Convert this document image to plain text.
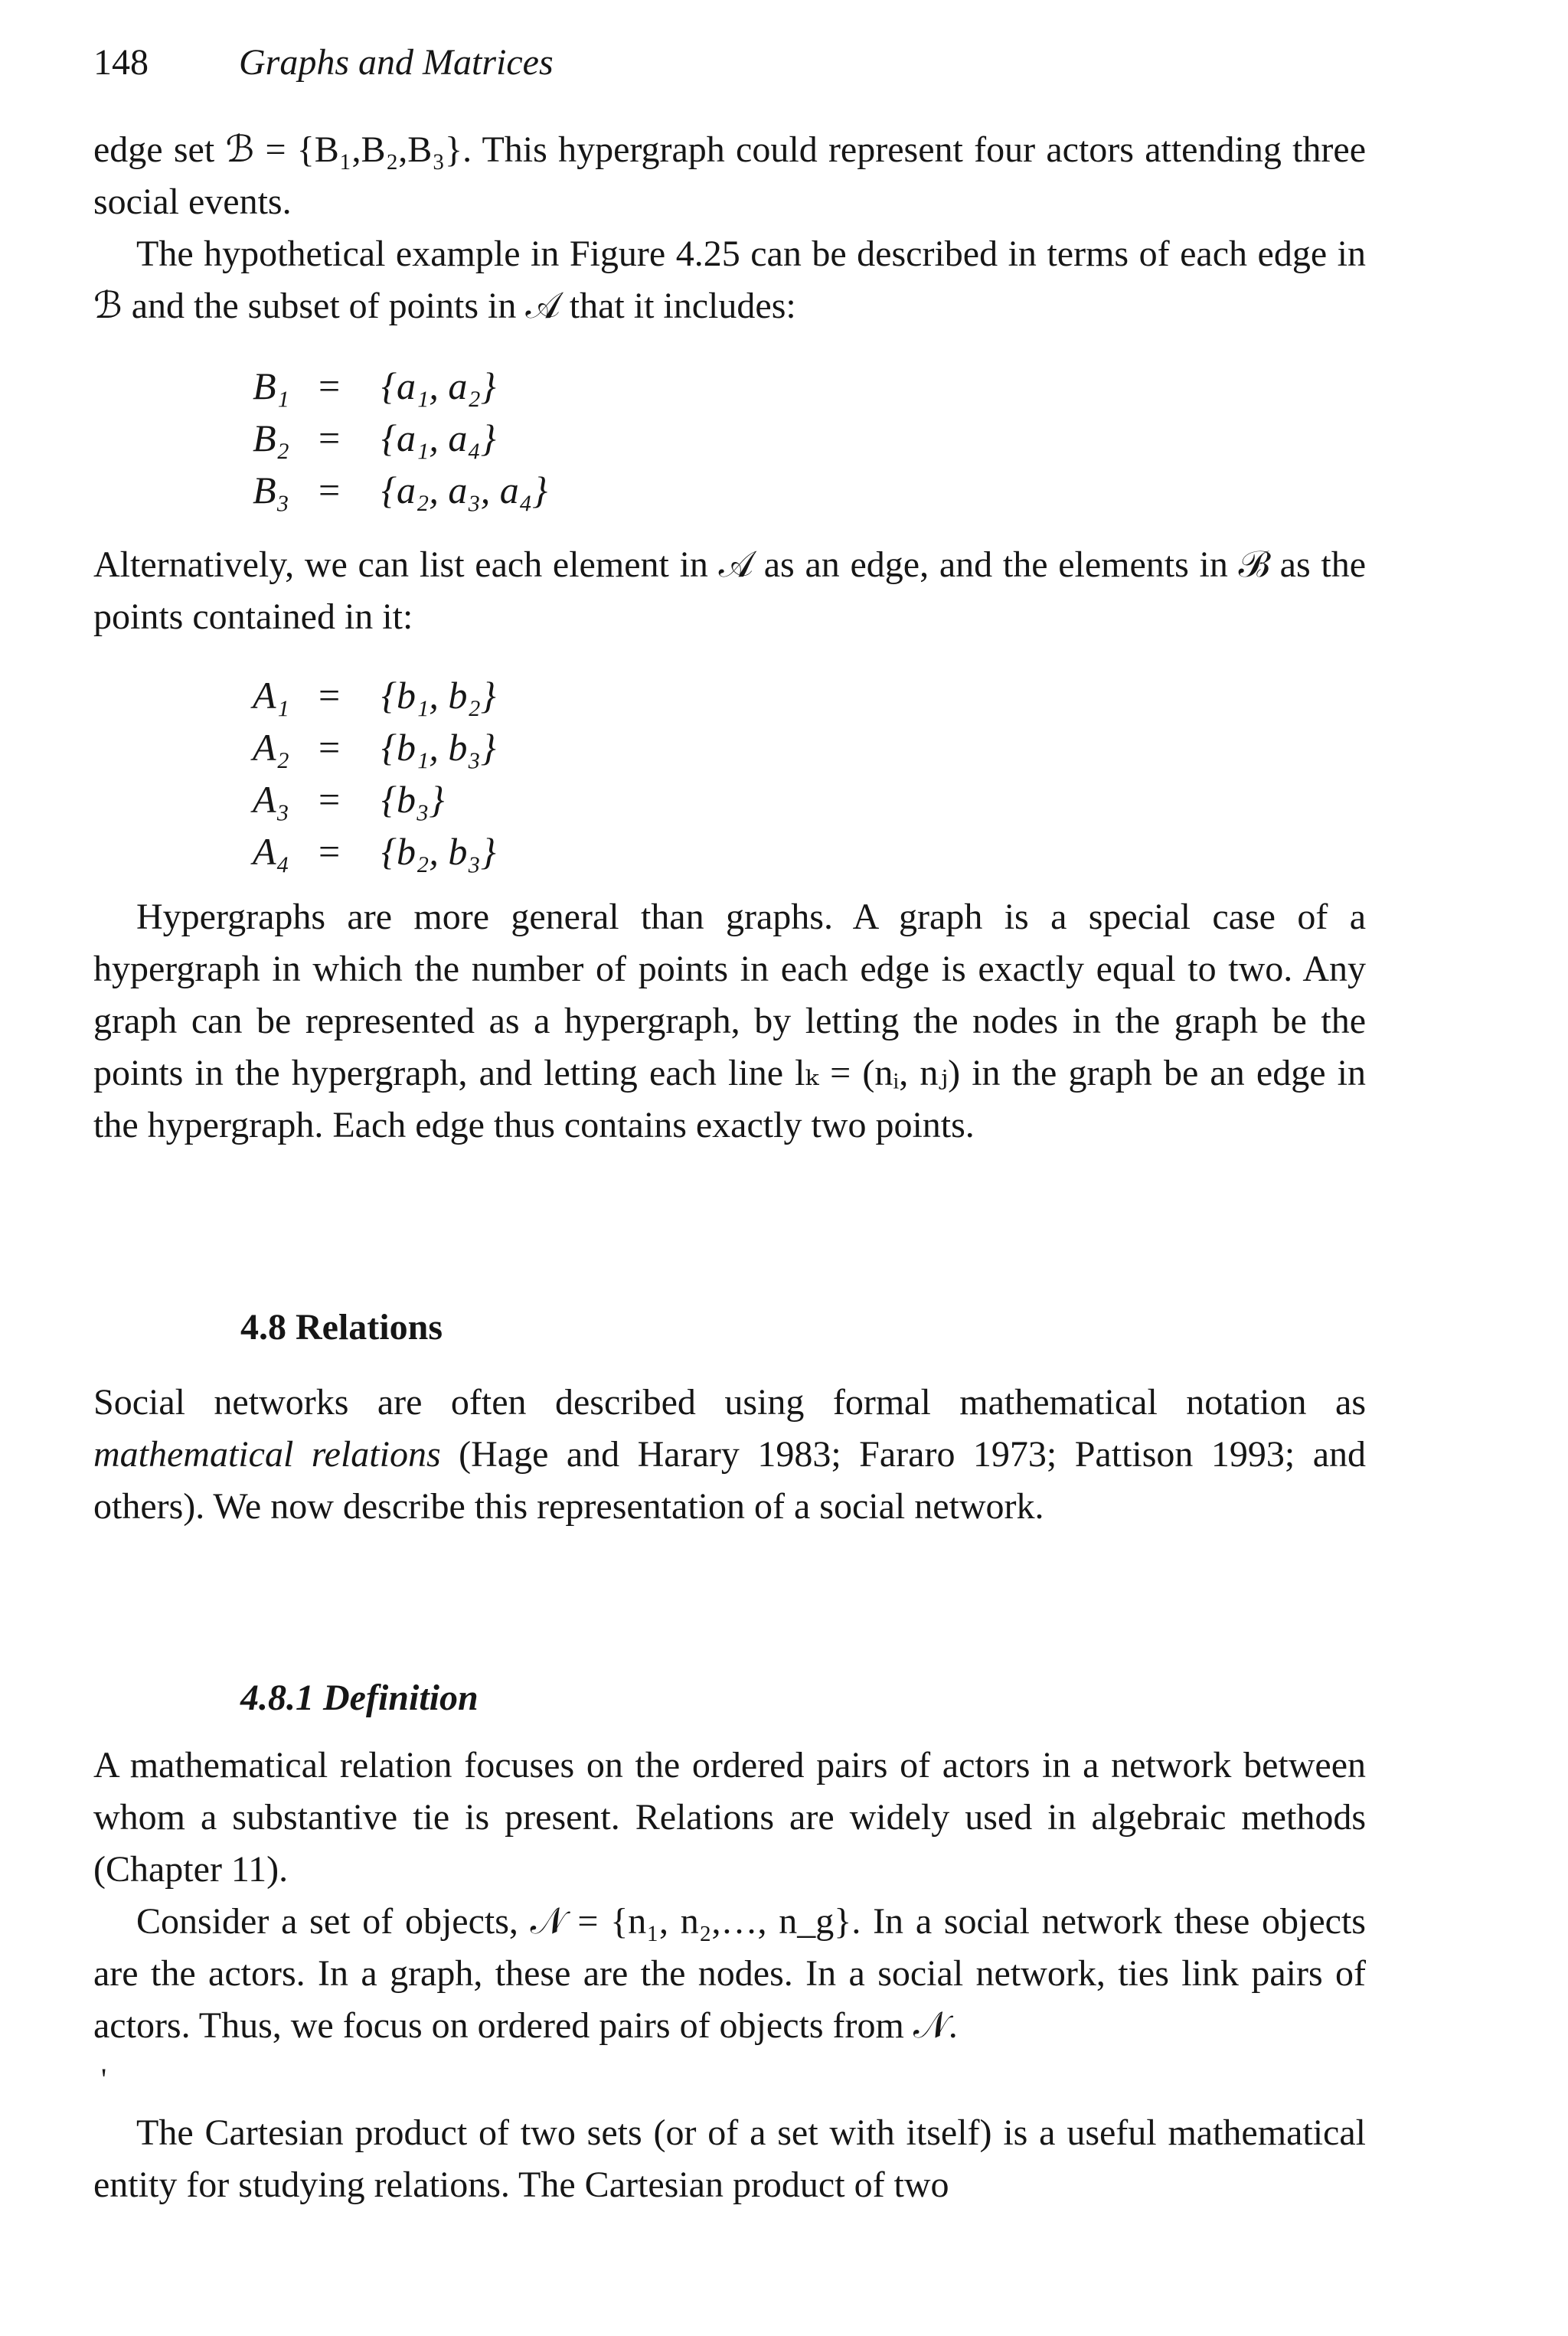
148 Graphs and Matrices

edge set ℬ = {B₁,B₂,B₃}. This hypergraph could represent four actors attending three social events.

The hypothetical example in Figure 4.25 can be described in terms of each edge in ℬ and the subset of points in 𝒜 that it includes:

B₁ = {a₁, a₂}
B₂ = {a₁, a₄}
B₃ = {a₂, a₃, a₄}

Alternatively, we can list each element in 𝒜 as an edge, and the elements in ℬ as the points contained in it:

A₁ = {b₁, b₂}
A₂ = {b₁, b₃}
A₃ = {b₃}
A₄ = {b₂, b₃}

Hypergraphs are more general than graphs. A graph is a special case of a hypergraph in which the number of points in each edge is exactly equal to two. Any graph can be represented as a hypergraph, by letting the nodes in the graph be the points in the hypergraph, and letting each line lₖ = (nᵢ, nⱼ) in the graph be an edge in the hypergraph. Each edge thus contains exactly two points.

4.8 Relations

Social networks are often described using formal mathematical notation as mathematical relations (Hage and Harary 1983; Fararo 1973; Pattison 1993; and others). We now describe this representation of a social network.

4.8.1 Definition

A mathematical relation focuses on the ordered pairs of actors in a network between whom a substantive tie is present. Relations are widely used in algebraic methods (Chapter 11).

Consider a set of objects, 𝒩 = {n₁, n₂,…, n_g}. In a social network these objects are the actors. In a graph, these are the nodes. In a social network, ties link pairs of actors. Thus, we focus on ordered pairs of objects from 𝒩.

'

The Cartesian product of two sets (or of a set with itself) is a useful mathematical entity for studying relations. The Cartesian product of two
